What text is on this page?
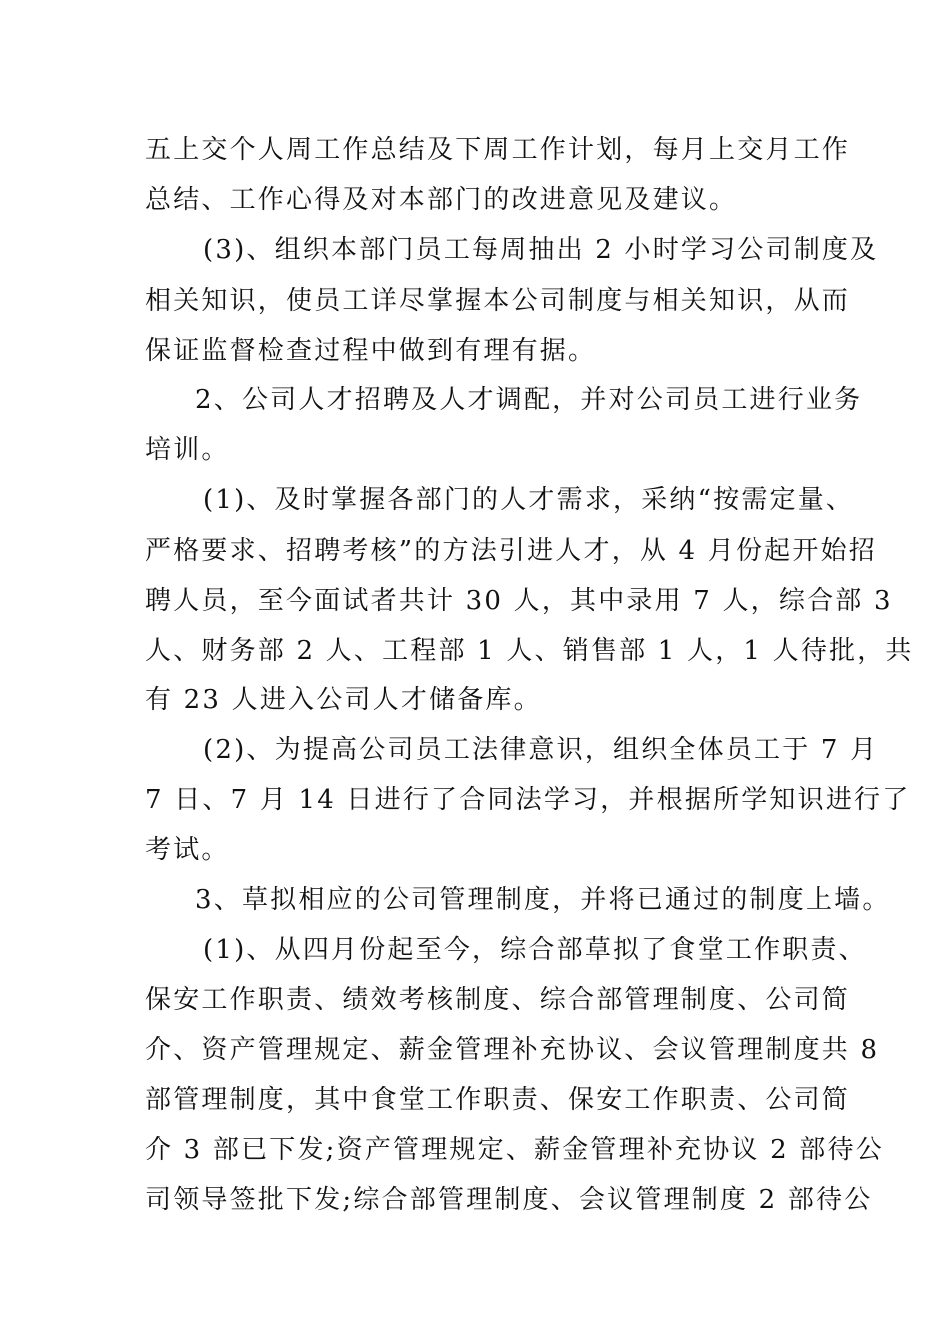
五上交个人周工作总结及下周工作计划，每月上交月工作

总结、工作心得及对本部门的改进意见及建议。

(3)、组织本部门员工每周抽出 2 小时学习公司制度及

相关知识，使员工详尽掌握本公司制度与相关知识，从而

保证监督检查过程中做到有理有据。

2、公司人才招聘及人才调配，并对公司员工进行业务

培训。

(1)、及时掌握各部门的人才需求，采纳“按需定量、

严格要求、招聘考核”的方法引进人才，从 4 月份起开始招

聘人员，至今面试者共计 30 人，其中录用 7 人，综合部 3

人、财务部 2 人、工程部 1 人、销售部 1 人，1 人待批，共

有 23 人进入公司人才储备库。

(2)、为提高公司员工法律意识，组织全体员工于 7 月

7 日、7 月 14 日进行了合同法学习，并根据所学知识进行了

考试。

3、草拟相应的公司管理制度，并将已通过的制度上墙。

(1)、从四月份起至今，综合部草拟了食堂工作职责、

保安工作职责、绩效考核制度、综合部管理制度、公司简

介、资产管理规定、薪金管理补充协议、会议管理制度共 8

部管理制度，其中食堂工作职责、保安工作职责、公司简

介 3 部已下发;资产管理规定、薪金管理补充协议 2 部待公

司领导签批下发;综合部管理制度、会议管理制度 2 部待公
